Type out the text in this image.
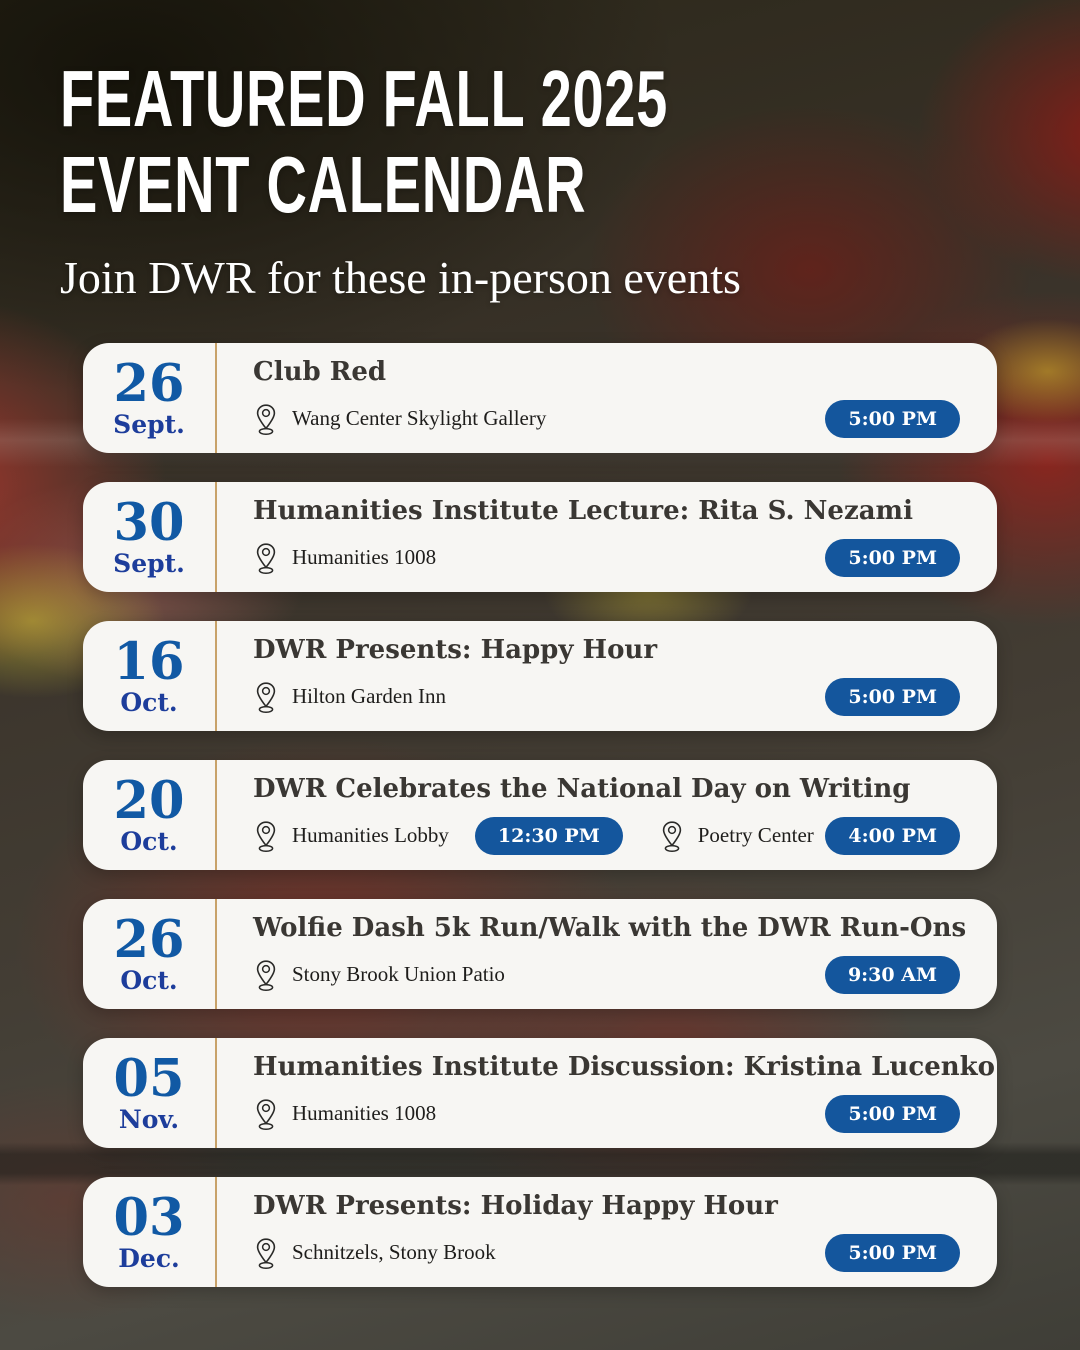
FEATURED FALL 2025
EVENT CALENDAR

Join DWR for these in-person events

26
Sept.
Club Red
Wang Center Skylight Gallery	5:00 PM
30
Sept.
Humanities Institute Lecture: Rita S. Nezami
Humanities 1008	5:00 PM
16
Oct.
DWR Presents: Happy Hour
Hilton Garden Inn	5:00 PM
20
Oct.
DWR Celebrates the National Day on Writing
Humanities Lobby	12:30 PM	Poetry Center	4:00 PM
26
Oct.
Wolfie Dash 5k Run/Walk with the DWR Run-Ons
Stony Brook Union Patio	9:30 AM
05
Nov.
Humanities Institute Discussion: Kristina Lucenko
Humanities 1008	5:00 PM
03
Dec.
DWR Presents: Holiday Happy Hour
Schnitzels, Stony Brook	5:00 PM
